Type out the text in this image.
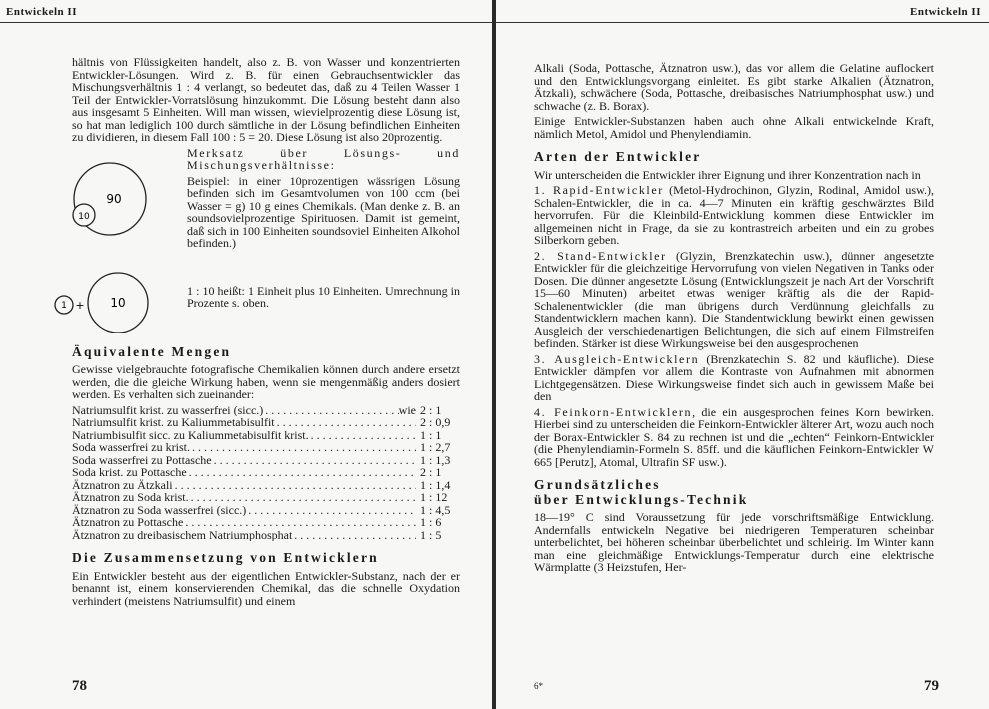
Entwickeln II

hältnis von Flüssigkeiten handelt, also z. B. von Wasser und konzentrierten Entwickler-Lösungen. Wird z. B. für einen Gebrauchsentwickler das Mischungsverhältnis 1 : 4 verlangt, so bedeutet das, daß zu 4 Teilen Wasser 1 Teil der Entwickler-Vorratslösung hinzukommt. Die Lösung besteht dann also aus insgesamt 5 Einheiten. Will man wissen, wievielprozentig diese Lösung ist, so hat man lediglich 100 durch sämtliche in der Lösung befindlichen Einheiten zu dividieren, in diesem Fall 100 : 5 = 20. Diese Lösung ist also 20prozentig.

90
10
1 + 10

Merksatz über Lösungs- und Mischungsverhältnisse:

Beispiel: in einer 10prozentigen wässrigen Lösung befinden sich im Gesamtvolumen von 100 ccm (bei Wasser = g) 10 g eines Chemikals. (Man denke z. B. an soundsovielprozentige Spirituosen. Damit ist gemeint, daß sich in 100 Einheiten soundsoviel Einheiten Alkohol befinden.)

1 : 10 heißt: 1 Einheit plus 10 Einheiten. Umrechnung in Prozente s. oben.
Äquivalente Mengen

Gewisse vielgebrauchte fotografische Chemikalien können durch andere ersetzt werden, die die gleiche Wirkung haben, wenn sie mengenmäßig anders dosiert werden. Es verhalten sich zueinander:

Natriumsulfit krist. zu wasserfrei (sicc.) . . .	wie 2 : 1
Natriumsulfit krist. zu Kaliummetabisulfit . . .	2 : 0,9
Natriumbisulfit sicc. zu Kaliummetabisulfit krist. . . .	1 : 1
Soda wasserfrei zu krist. . . .	1 : 2,7
Soda wasserfrei zu Pottasche . . .	1 : 1,3
Soda krist. zu Pottasche . . .	2 : 1
Ätznatron zu Ätzkali . . .	1 : 1,4
Ätznatron zu Soda krist. . . .	1 : 12
Ätznatron zu Soda wasserfrei (sicc.) . . .	1 : 4,5
Ätznatron zu Pottasche . . .	1 : 6
Ätznatron zu dreibasischem Natriumphosphat . . .	1 : 5
Die Zusammensetzung von Entwicklern

Ein Entwickler besteht aus der eigentlichen Entwickler-Substanz, nach der er benannt ist, einem konservierenden Chemikal, das die schnelle Oxydation verhindert (meistens Natriumsulfit) und einem

78
Entwickeln II

Alkali (Soda, Pottasche, Ätznatron usw.), das vor allem die Gelatine auflockert und den Entwicklungsvorgang einleitet. Es gibt starke Alkalien (Ätznatron, Ätzkali), schwächere (Soda, Pottasche, dreibasisches Natriumphosphat usw.) und schwache (z. B. Borax).

Einige Entwickler-Substanzen haben auch ohne Alkali entwickelnde Kraft, nämlich Metol, Amidol und Phenylendiamin.

Arten der Entwickler

Wir unterscheiden die Entwickler ihrer Eignung und ihrer Konzentration nach in

1. Rapid-Entwickler (Metol-Hydrochinon, Glyzin, Rodinal, Amidol usw.), Schalen-Entwickler, die in ca. 4—7 Minuten ein kräftig geschwärztes Bild hervorrufen. Für die Kleinbild-Entwicklung kommen diese Entwickler im allgemeinen nicht in Frage, da sie zu kontrastreich arbeiten und ein zu grobes Silberkorn geben.

2. Stand-Entwickler (Glyzin, Brenzkatechin usw.), dünner angesetzte Entwickler für die gleichzeitige Hervorrufung von vielen Negativen in Tanks oder Dosen. Die dünner angesetzte Lösung (Entwicklungszeit je nach Art der Vorschrift 15—60 Minuten) arbeitet etwas weniger kräftig als die der Rapid-Schalenentwickler (die man übrigens durch Verdünnung gleichfalls zu Standentwicklern machen kann). Die Standentwicklung bewirkt einen gewissen Ausgleich der verschiedenartigen Belichtungen, die sich auf einem Filmstreifen befinden. Stärker ist diese Wirkungsweise bei den ausgesprochenen

3. Ausgleich-Entwicklern (Brenzkatechin S. 82 und käufliche). Diese Entwickler dämpfen vor allem die Kontraste von Aufnahmen mit abnormen Lichtgegensätzen. Diese Wirkungsweise findet sich auch in gewissem Maße bei den

4. Feinkorn-Entwicklern, die ein ausgesprochen feines Korn bewirken. Hierbei sind zu unterscheiden die Feinkorn-Entwickler älterer Art, wozu auch noch der Borax-Entwickler S. 84 zu rechnen ist und die „echten“ Feinkorn-Entwickler (die Phenylendiamin-Formeln S. 85ff. und die käuflichen Feinkorn-Entwickler W 665 [Perutz], Atomal, Ultrafin SF usw.).

Grundsätzliches
über Entwicklungs-Technik

18—19° C sind Voraussetzung für jede vorschriftsmäßige Entwicklung. Andernfalls entwickeln Negative bei niedrigeren Temperaturen scheinbar unterbelichtet, bei höheren scheinbar überbelichtet und schleirig. Im Winter kann man eine gleichmäßige Entwicklungs-Temperatur durch eine elektrische Wärmplatte (3 Heizstufen, Her-

6*	79
